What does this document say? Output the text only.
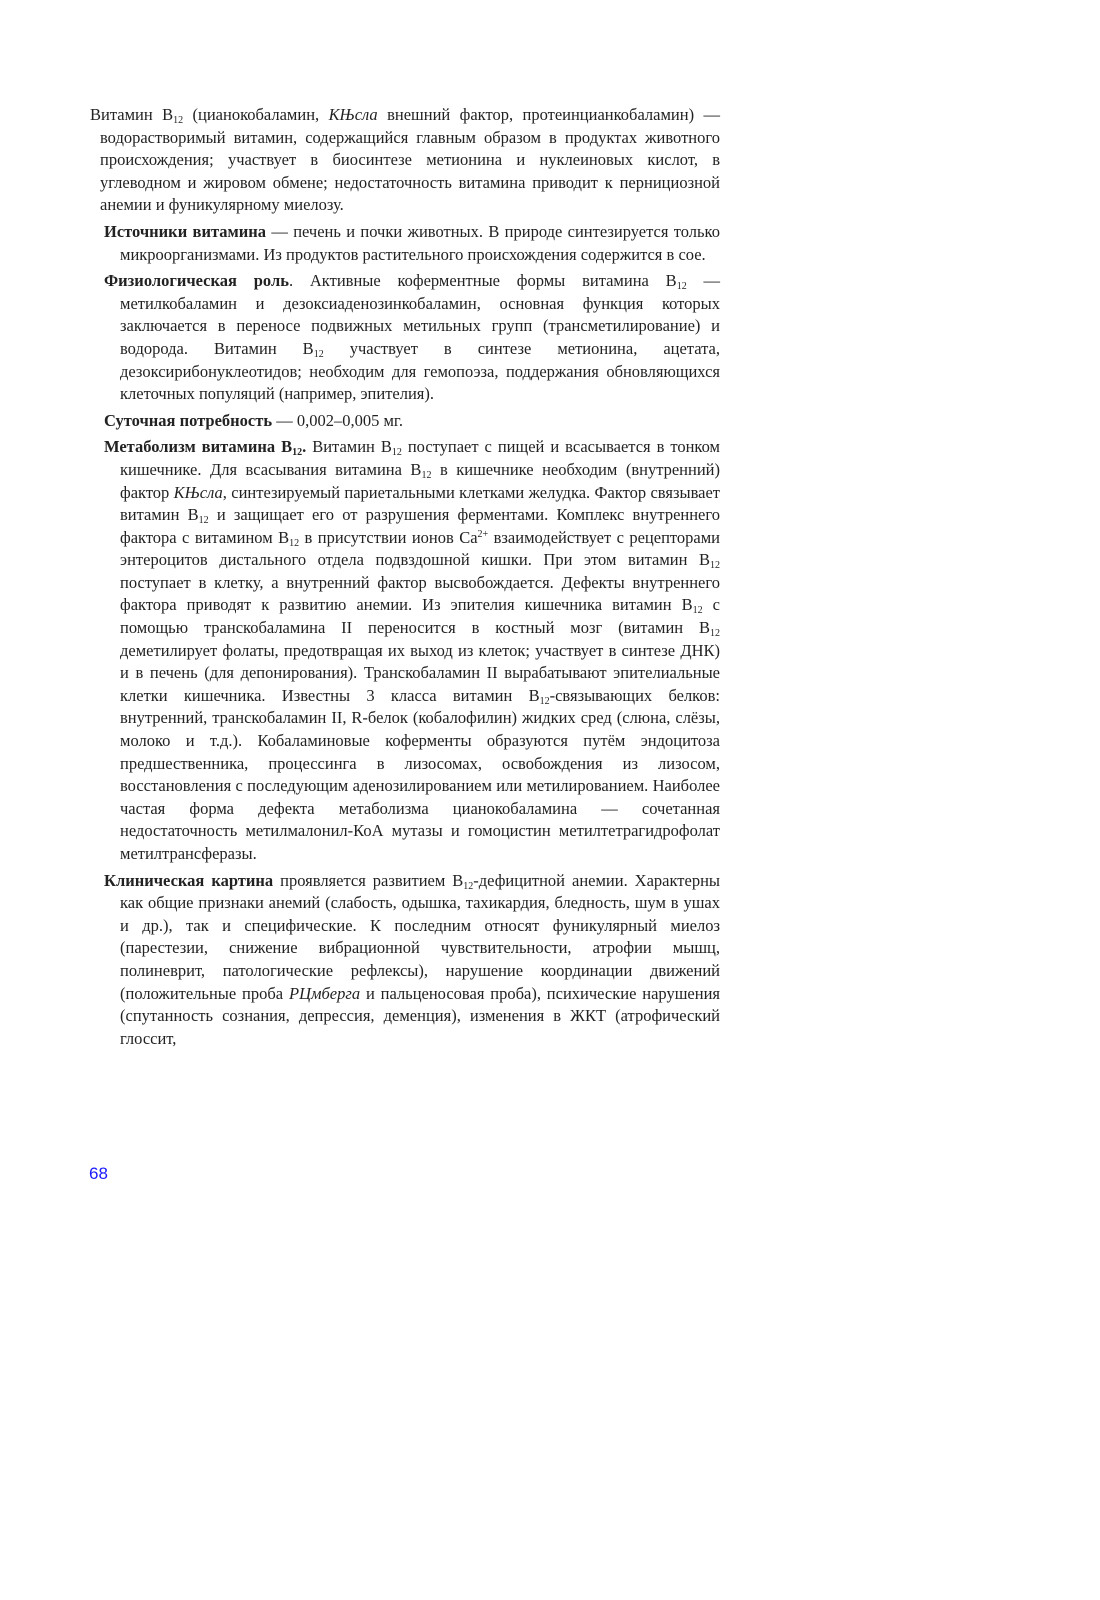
Витамин $B_{12}$ (цианокобаламин, КЊсла внешний фактор, протеинцианкобаламин) — водорастворимый витамин, содержащийся главным образом в продуктах животного происхождения; участвует в биосинтезе метионина и нуклеиновых кислот, в углеводном и жировом обмене; недостаточность витамина приводит к пернициозной анемии и фуникулярному миелозу.

Источники витамина — печень и почки животных. В природе синтезируется только микроорганизмами. Из продуктов растительного происхождения содержится в сое.

Физиологическая роль. Активные коферментные формы витамина $B_{12}$ — метилкобаламин и дезоксиаденозинкобаламин, основная функция которых заключается в переносе подвижных метильных групп (трансметилирование) и водорода. Витамин $B_{12}$ участвует в синтезе метионина, ацетата, дезоксирибонуклеотидов; необходим для гемопоэза, поддержания обновляющихся клеточных популяций (например, эпителия).

Суточная потребность — 0,002–0,005 мг.

Метаболизм витамина $B_{12}$. Витамин $B_{12}$ поступает с пищей и всасывается в тонком кишечнике. Для всасывания витамина $B_{12}$ в кишечнике необходим (внутренний) фактор КЊсла, синтезируемый париетальными клетками желудка. Фактор связывает витамин $B_{12}$ и защищает его от разрушения ферментами. Комплекс внутреннего фактора с витамином $B_{12}$ в присутствии ионов $Ca^{2+}$ взаимодействует с рецепторами энтероцитов дистального отдела подвздошной кишки. При этом витамин $B_{12}$ поступает в клетку, а внутренний фактор высвобождается. Дефекты внутреннего фактора приводят к развитию анемии. Из эпителия кишечника витамин $B_{12}$ с помощью транскобаламина II переносится в костный мозг (витамин $B_{12}$ деметилирует фолаты, предотвращая их выход из клеток; участвует в синтезе ДНК) и в печень (для депонирования). Транскобаламин II вырабатывают эпителиальные клетки кишечника. Известны 3 класса витамин $B_{12}$-связывающих белков: внутренний, транскобаламин II, R-белок (кобалофилин) жидких сред (слюна, слёзы, молоко и т.д.). Кобаламиновые коферменты образуются путём эндоцитоза предшественника, процессинга в лизосомах, освобождения из лизосом, восстановления с последующим аденозилированием или метилированием. Наиболее частая форма дефекта метаболизма цианокобаламина — сочетанная недостаточность метилмалонил-КоА мутазы и гомоцистин метилтетрагидрофолат метилтрансферазы.

Клиническая картина проявляется развитием $B_{12}$-дефицитной анемии. Характерны как общие признаки анемий (слабость, одышка, тахикардия, бледность, шум в ушах и др.), так и специфические. К последним относят фуникулярный миелоз (парестезии, снижение вибрационной чувствительности, атрофии мышц, полиневрит, патологические рефлексы), нарушение координации движений (положительные проба РЦмберга и пальценосовая проба), психические нарушения (спутанность сознания, депрессия, деменция), изменения в ЖКТ (атрофический глоссит,

68
